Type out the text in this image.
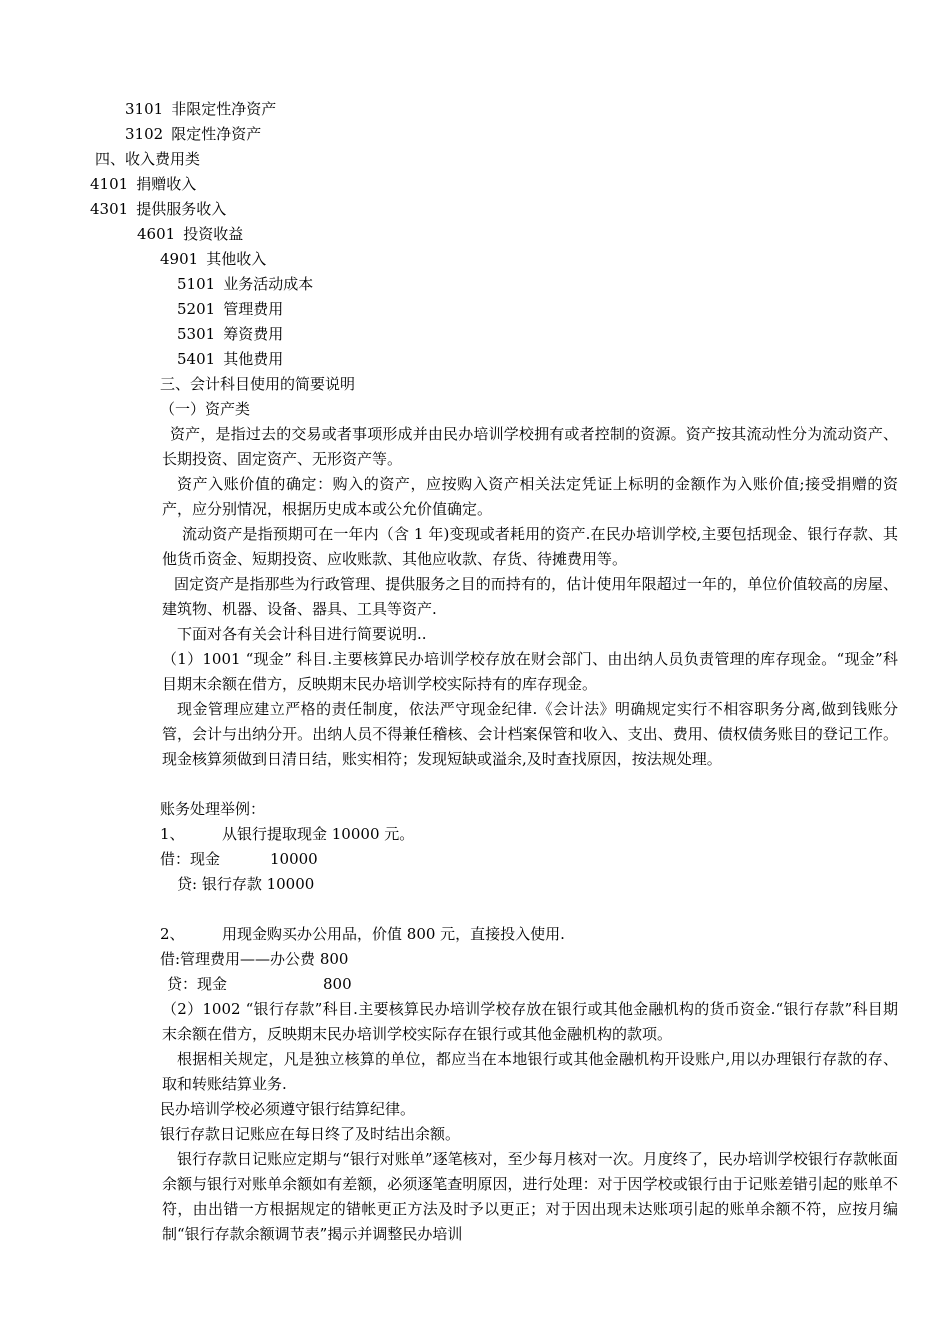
3101 非限定性净资产
3102 限定性净资产
四、收入费用类
4101 捐赠收入
4301 提供服务收入
4601 投资收益
4901 其他收入
5101 业务活动成本
5201 管理费用
5301 筹资费用
5401 其他费用
三、会计科目使用的简要说明
（一）资产类
资产，是指过去的交易或者事项形成并由民办培训学校拥有或者控制的资源。资产按其流动性分为流动资产、长期投资、固定资产、无形资产等。
资产入账价值的确定：购入的资产，应按购入资产相关法定凭证上标明的金额作为入账价值;接受捐赠的资产，应分别情况，根据历史成本或公允价值确定。
流动资产是指预期可在一年内（含 1 年)变现或者耗用的资产.在民办培训学校,主要包括现金、银行存款、其他货币资金、短期投资、应收账款、其他应收款、存货、待摊费用等。
固定资产是指那些为行政管理、提供服务之目的而持有的，估计使用年限超过一年的，单位价值较高的房屋、建筑物、机器、设备、器具、工具等资产.
下面对各有关会计科目进行简要说明..
（1）1001 “现金” 科目.主要核算民办培训学校存放在财会部门、由出纳人员负责管理的库存现金。“现金”科目期末余额在借方，反映期末民办培训学校实际持有的库存现金。
现金管理应建立严格的责任制度，依法严守现金纪律.《会计法》明确规定实行不相容职务分离,做到钱账分管，会计与出纳分开。出纳人员不得兼任稽核、会计档案保管和收入、支出、费用、债权债务账目的登记工作。现金核算须做到日清日结，账实相符；发现短缺或溢余,及时查找原因，按法规处理。
账务处理举例：
1、 从银行提取现金 10000 元。
借：现金	10000
贷: 银行存款 10000
2、 用现金购买办公用品，价值 800 元，直接投入使用.
借:管理费用——办公费 800
贷：现金	800
（2）1002 “银行存款”科目.主要核算民办培训学校存放在银行或其他金融机构的货币资金.“银行存款”科目期末余额在借方，反映期末民办培训学校实际存在银行或其他金融机构的款项。
根据相关规定，凡是独立核算的单位，都应当在本地银行或其他金融机构开设账户,用以办理银行存款的存、取和转账结算业务.
民办培训学校必须遵守银行结算纪律。
银行存款日记账应在每日终了及时结出余额。
银行存款日记账应定期与“银行对账单”逐笔核对，至少每月核对一次。月度终了，民办培训学校银行存款帐面余额与银行对账单余额如有差额，必须逐笔查明原因，进行处理：对于因学校或银行由于记账差错引起的账单不符，由出错一方根据规定的错帐更正方法及时予以更正；对于因出现未达账项引起的账单余额不符，应按月编制“银行存款余额调节表”揭示并调整民办培训
